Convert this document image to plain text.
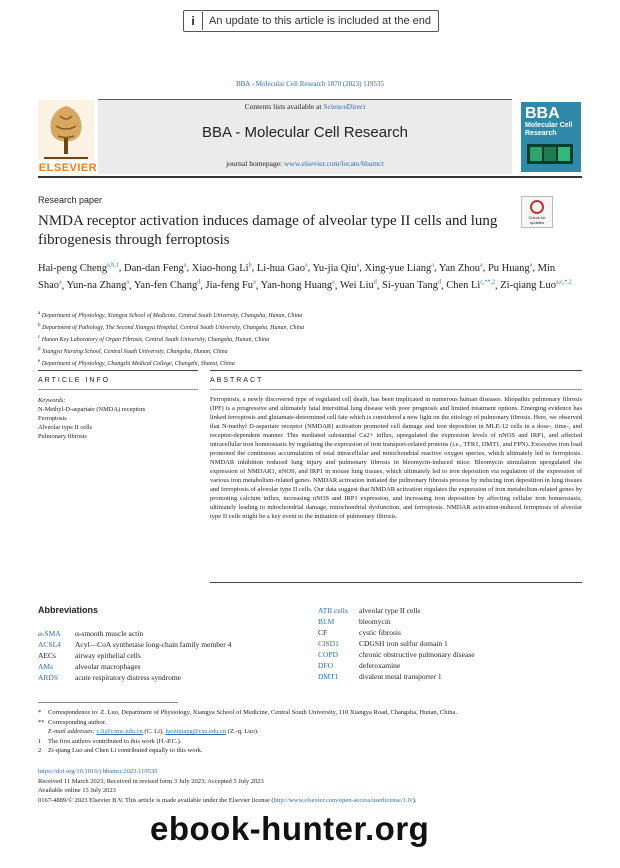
i	An update to this article is included at the end
BBA - Molecular Cell Research 1870 (2023) 119535
ELSEVIER
Contents lists available at ScienceDirect
BBA - Molecular Cell Research
journal homepage: www.elsevier.com/locate/bbamcr
BBA
Molecular Cell Research
Research paper
Check for updates
NMDA receptor activation induces damage of alveolar type II cells and lung fibrogenesis through ferroptosis
Hai-peng Cheng$^{a,b,1}$, Dan-dan Feng$^a$, Xiao-hong Li$^b$, Li-hua Gao$^a$, Yu-jia Qiu$^a$, Xing-yue Liang$^a$, Yan Zhou$^a$, Pu Huang$^a$, Min Shao$^a$, Yun-na Zhang$^a$, Yan-fen Chang$^d$, Jia-feng Fu$^a$, Yan-hong Huang$^a$, Wei Liu$^d$, Si-yuan Tang$^d$, Chen $Li^{c,**,2}$, Zi-qiang Luo$^{a,c,*,2}$
$^a$ Department of Physiology, Xiangya School of Medicine, Central South University, Changsha, Hunan, China
$^b$ Department of Pathology, The Second Xiangya Hospital, Central South University, Changsha, Hunan, China
$^c$ Hunan Key Laboratory of Organ Fibrosis, Central South University, Changsha, Hunan, China
$^d$ Xiangya Nursing School, Central South University, Changsha, Hunan, China
$^e$ Department of Physiology, Changzhi Medical College, Changzhi, Shanxi, China
ARTICLE INFO	ABSTRACT
Keywords:
N-Methyl-D-aspartate (NMDA) receptors
Ferroptosis
Alveolar type II cells
Pulmonary fibrosis
Ferroptosis, a newly discovered type of regulated cell death, has been implicated in numerous human diseases. Idiopathic pulmonary fibrosis (IPF) is a progressive and ultimately fatal interstitial lung disease with poor prognosis and limited treatment options. Emerging evidence has linked ferroptosis and glutamate-determined cell fate which is considered a new light on the etiology of pulmonary fibrosis. Here, we observed that N-methyl D-aspartate receptor (NMDAR) activation promoted cell damage and iron deposition in MLE-12 cells in a dose-, time-, and receptor-dependent manner. This mediated substantial Ca2+ influx, upregulated the expression levels of nNOS and IRP1, and affected intracellular iron homeostasis by regulating the expression of iron transport-related proteins (i.e., TFR1, DMT1, and FPN). Excessive iron load promoted the continuous accumulation of total intracellular and mitochondrial reactive oxygen species, which ultimately led to ferroptosis. NMDAR inhibition reduced lung injury and pulmonary fibrosis in bleomycin-induced mice. Bleomycin stimulation upregulated the expression of NMDAR1, nNOS, and IRP1 in mouse lung tissues, which ultimately led to iron deposition via regulation of the expression of various iron metabolism-related genes. NMDAR activation initiated the pulmonary fibrosis process by inducing iron deposition in lung tissues and ferroptosis of alveolar type II cells. Our data suggest that NMDAR activation regulates the expression of iron metabolism-related genes by promoting calcium influx, increasing nNOS and IRP1 expression, and increasing iron deposition by affecting cellular iron homeostasis, ultimately leading to mitochondrial damage, mitochondrial dysfunction, and ferroptosis. NMDAR activation-induced ferroptosis of alveolar type II cells might be a key event to the initiation of pulmonary fibrosis.
Abbreviations
α-SMA α-smooth muscle actin
ACSL4 Acyl—CoA synthetase long-chain family member 4
AECs	airway epithelial cells
AMs	alveolar macrophages
ARDS acute respiratory distress syndrome
ATII cells alveolar type II cells
BLM	bleomycin
CF	cystic fibrosis
CISD1	CDGSH iron sulfur domain 1
COPD	chronic obstructive pulmonary disease
DFO	deferoxamine
DMT1	divalent metal transporter 1
* Correspondence to: Z. Luo, Department of Physiology, Xiangya School of Medicine, Central South University, 110 Xiangya Road, Changsha, Hunan, China.
** Corresponding author.
E-mail addresses: c.li@csmc.edu.cn (C. Li), luoziqiang@csu.edu.cn (Z.-q. Luo).
1 The first authors contributed to this work (H.-P.C.).
2 Zi-qiang Luo and Chen Li contributed equally to this work.
https://doi.org/10.1016/j.bbamcr.2023.119535
Received 11 March 2023; Received in revised form 3 July 2023; Accepted 5 July 2023
Available online 13 July 2023
0167-4889/© 2023 Elsevier B.V. This article is made available under the Elsevier license (http://www.elsevier.com/open-access/userlicense/1.0/).
ebook-hunter.org
